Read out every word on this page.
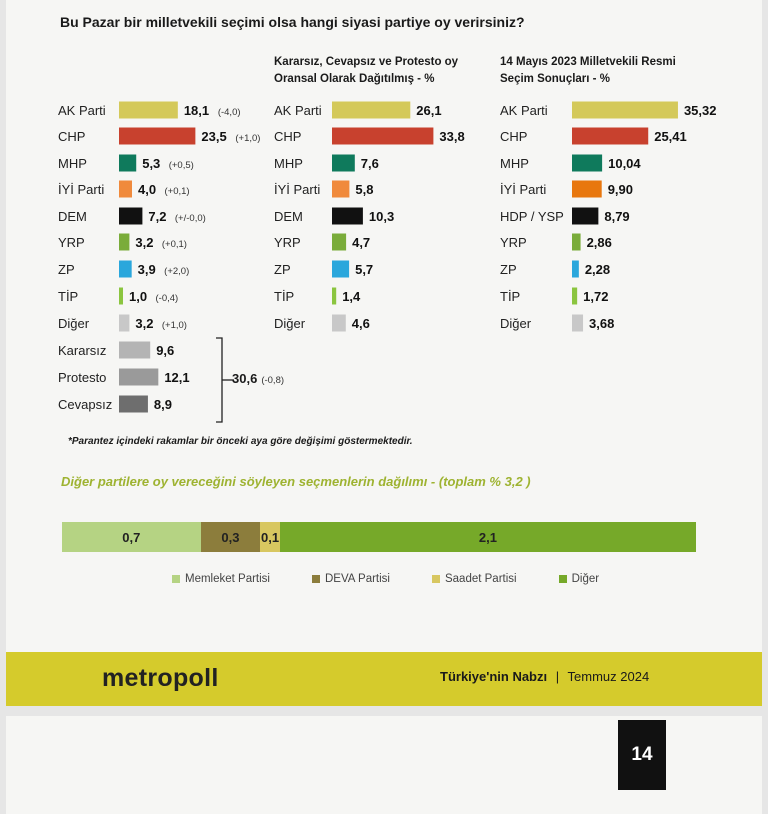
Bu Pazar bir milletvekili seçimi olsa hangi siyasi partiye oy verirsiniz?
Kararsız, Cevapsız ve Protesto oy Oransal Olarak Dağıtılmış - %
14 Mayıs 2023 Milletvekili Resmi Seçim Sonuçları - %
AK Parti	18,1 (-4,0)
CHP	23,5 (+1,0)
MHP	5,3 (+0,5)
İYİ Parti	4,0 (+0,1)
DEM	7,2 (+/-0,0)
YRP	3,2 (+0,1)
ZP	3,9 (+2,0)
TİP	1,0 (-0,4)
Diğer	3,2 (+1,0)
Kararsız	9,6
Protesto	12,1
Cevapsız	8,9
AK Parti	26,1
CHP	33,8
MHP	7,6
İYİ Parti	5,8
DEM	10,3
YRP	4,7
ZP	5,7
TİP	1,4
Diğer	4,6
AK Parti	35,32
CHP	25,41
MHP	10,04
İYİ Parti	9,90
HDP / YSP	8,79
YRP	2,86
ZP	2,28
TİP	1,72
Diğer	3,68
30,6 (-0,8)
*Parantez içindeki rakamlar bir önceki aya göre değişimi göstermektedir.
Diğer partilere oy vereceğini söyleyen seçmenlerin dağılımı - (toplam % 3,2 )
0,7	0,3	0,1	2,1
Memleket Partisi	DEVA Partisi	Saadet Partisi	Diğer
metropoll	Türkiye'nin Nabzı | Temmuz 2024
14
